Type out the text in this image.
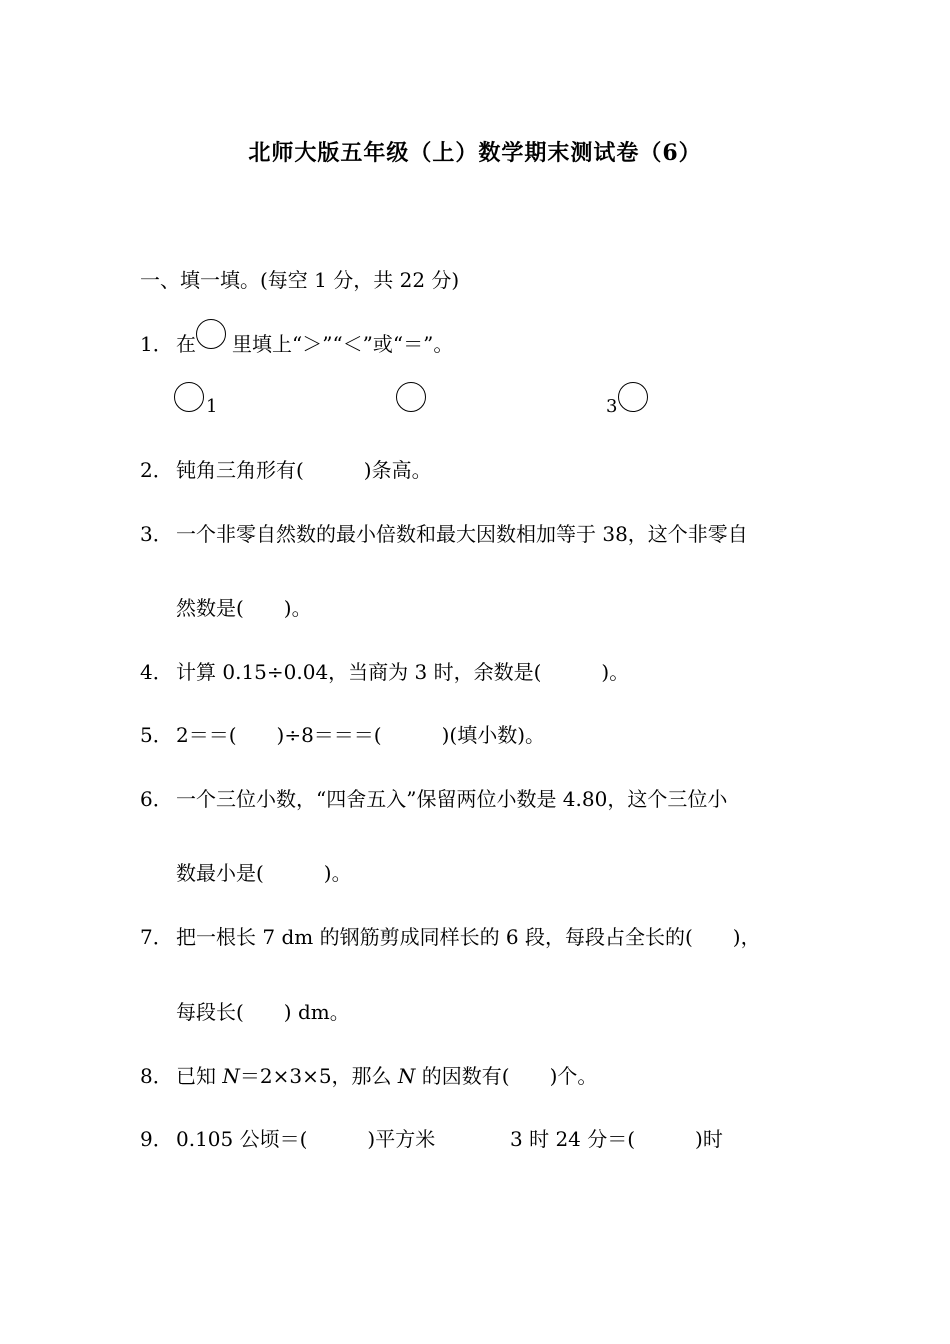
北师大版五年级（上）数学期末测试卷（6）
一、填一填。(每空 1 分，共 22 分)
1． 在 里填上“＞”“＜”或“＝”。
1	3
2． 钝角三角形有(　　　)条高。
3． 一个非零自然数的最小倍数和最大因数相加等于 38，这个非零自
然数是(　　)。
4． 计算 0.15÷0.04，当商为 3 时，余数是(　　　)。
5． 2＝＝(　　)÷8＝＝＝(　　　)(填小数)。
6． 一个三位小数，“四舍五入”保留两位小数是 4.80，这个三位小
数最小是(　　　)。
7． 把一根长 7 dm 的钢筋剪成同样长的 6 段，每段占全长的(　　)，
每段长(　　) dm。
8． 已知 N＝2×3×5，那么 N 的因数有(　　)个。
9． 0.105 公顷＝(　　　)平方米	3 时 24 分＝(　　　)时
